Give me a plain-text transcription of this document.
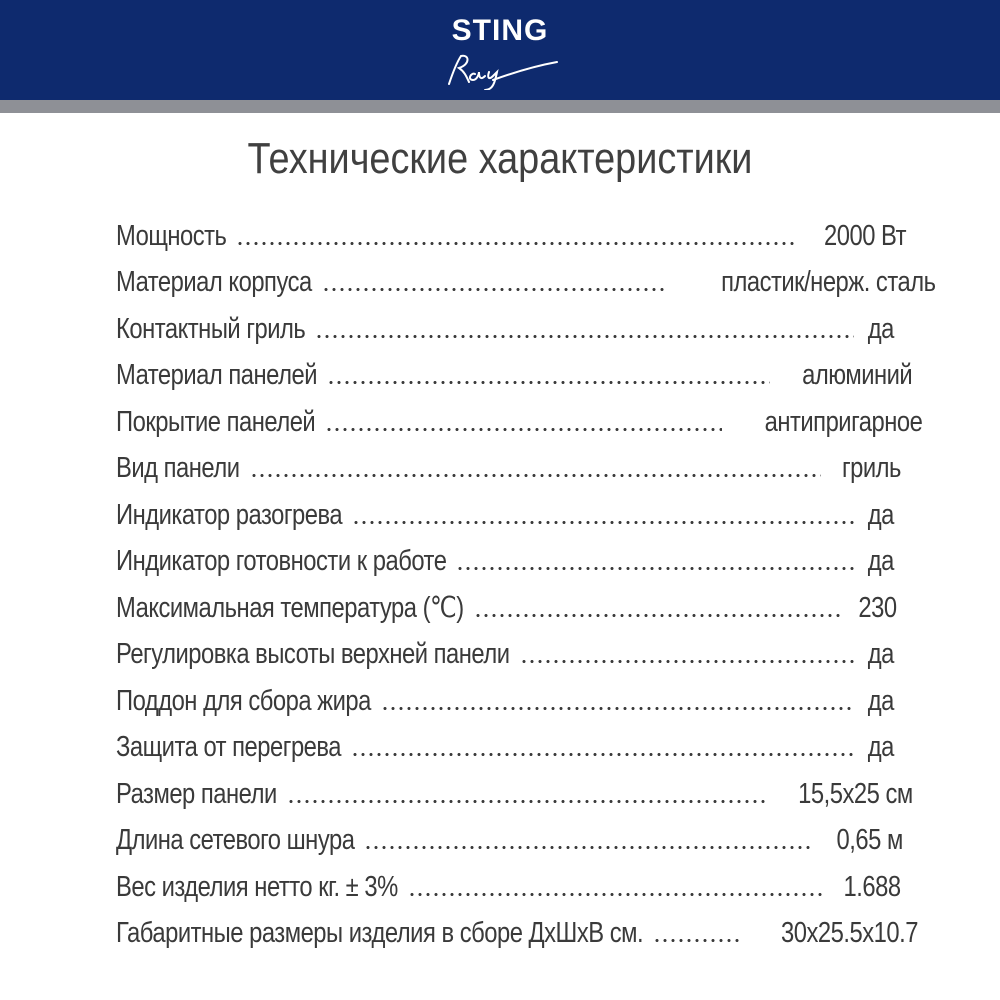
STING
Технические характеристики
Мощность	2000 Вт
Материал корпуса	пластик/нерж. сталь
Контактный гриль	да
Материал панелей	алюминий
Покрытие панелей	антипригарное
Вид панели	гриль
Индикатор разогрева	да
Индикатор готовности к работе	да
Максимальная температура (℃)	230
Регулировка высоты верхней панели	да
Поддон для сбора жира	да
Защита от перегрева	да
Размер панели	15,5х25 см
Длина сетевого шнура	0,65 м
Вес изделия нетто кг. ± 3%	1.688
Габаритные размеры изделия в сборе ДхШхВ см.	30x25.5x10.7
